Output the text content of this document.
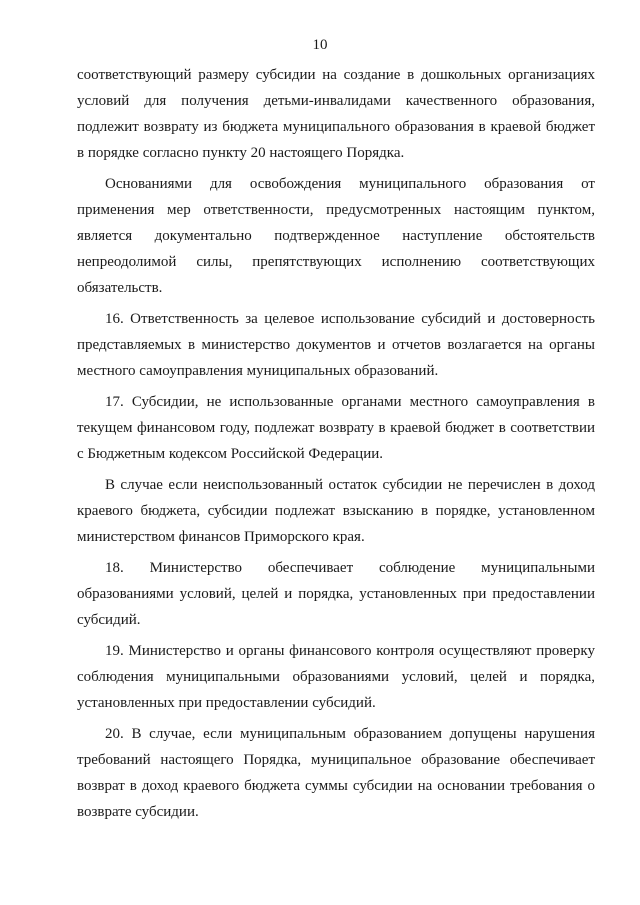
10

соответствующий размеру субсидии на создание в дошкольных организациях условий для получения детьми-инвалидами качественного образования, подлежит возврату из бюджета муниципального образования в краевой бюджет в порядке согласно пункту 20 настоящего Порядка.

Основаниями для освобождения муниципального образования от применения мер ответственности, предусмотренных настоящим пунктом, является документально подтвержденное наступление обстоятельств непреодолимой силы, препятствующих исполнению соответствующих обязательств.

16. Ответственность за целевое использование субсидий и достоверность представляемых в министерство документов и отчетов возлагается на органы местного самоуправления муниципальных образований.

17. Субсидии, не использованные органами местного самоуправления в текущем финансовом году, подлежат возврату в краевой бюджет в соответствии с Бюджетным кодексом Российской Федерации.

В случае если неиспользованный остаток субсидии не перечислен в доход краевого бюджета, субсидии подлежат взысканию в порядке, установленном министерством финансов Приморского края.

18. Министерство обеспечивает соблюдение муниципальными образованиями условий, целей и порядка, установленных при предоставлении субсидий.

19. Министерство и органы финансового контроля осуществляют проверку соблюдения муниципальными образованиями условий, целей и порядка, установленных при предоставлении субсидий.

20. В случае, если муниципальным образованием допущены нарушения требований настоящего Порядка, муниципальное образование обеспечивает возврат в доход краевого бюджета суммы субсидии на основании требования о возврате субсидии.
